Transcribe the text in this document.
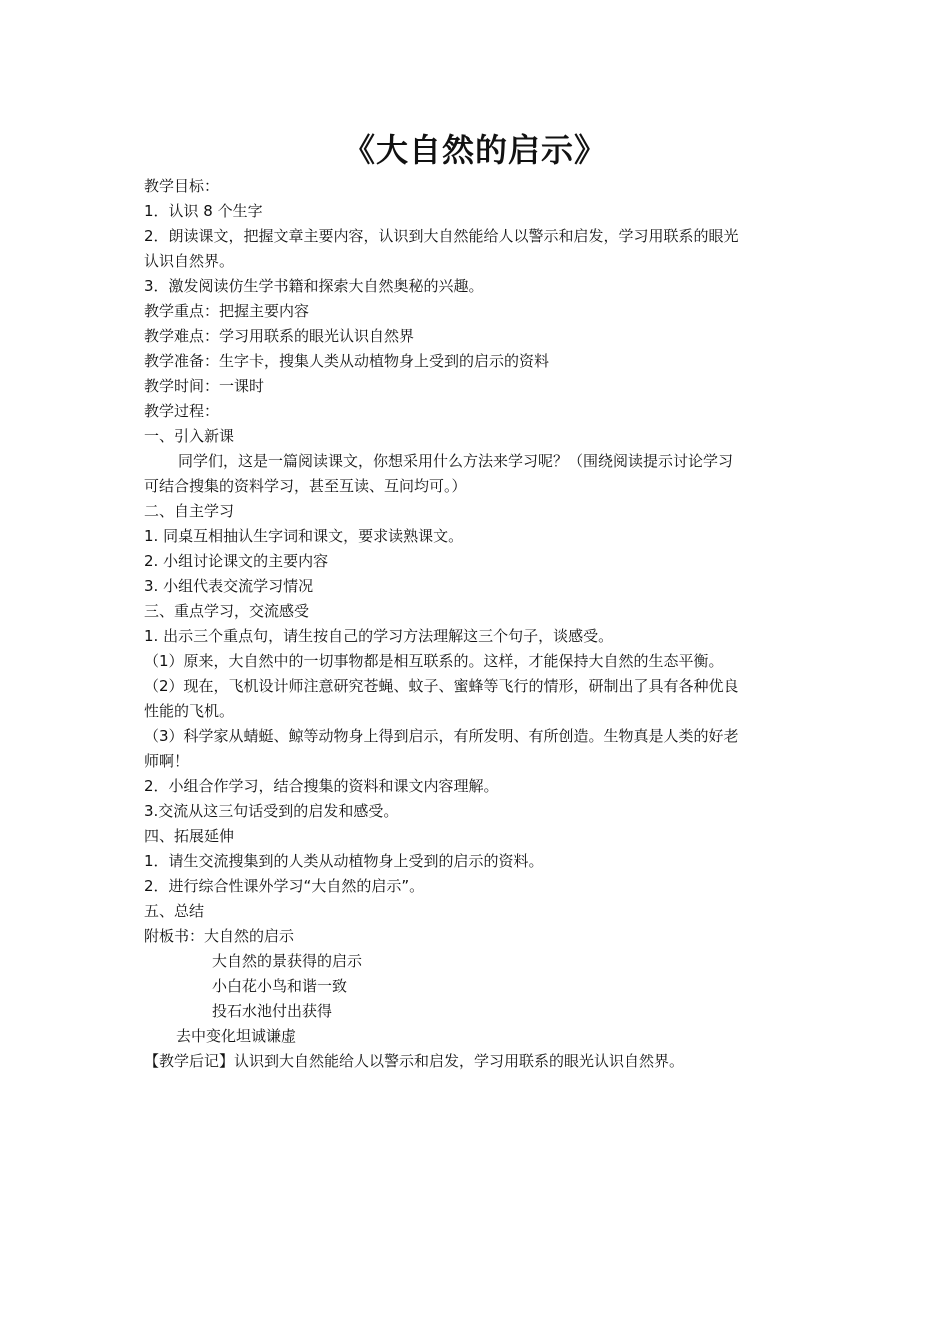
《大自然的启示》
教学目标：
1．认识 8 个生字
2．朗读课文，把握文章主要内容，认识到大自然能给人以警示和启发，学习用联系的眼光
认识自然界。
3．激发阅读仿生学书籍和探索大自然奥秘的兴趣。
教学重点：把握主要内容
教学难点：学习用联系的眼光认识自然界
教学准备：生字卡，搜集人类从动植物身上受到的启示的资料
教学时间：一课时
教学过程：
一、引入新课
同学们，这是一篇阅读课文，你想采用什么方法来学习呢？（围绕阅读提示讨论学习
可结合搜集的资料学习，甚至互读、互问均可。）
二、自主学习
1. 同桌互相抽认生字词和课文，要求读熟课文。
2. 小组讨论课文的主要内容
3. 小组代表交流学习情况
三、重点学习，交流感受
1. 出示三个重点句，请生按自己的学习方法理解这三个句子，谈感受。
（1）原来，大自然中的一切事物都是相互联系的。这样，才能保持大自然的生态平衡。
（2）现在，飞机设计师注意研究苍蝇、蚊子、蜜蜂等飞行的情形，研制出了具有各种优良
性能的飞机。
（3）科学家从蜻蜓、鲸等动物身上得到启示，有所发明、有所创造。生物真是人类的好老
师啊！
2．小组合作学习，结合搜集的资料和课文内容理解。
3.交流从这三句话受到的启发和感受。
四、拓展延伸
1．请生交流搜集到的人类从动植物身上受到的启示的资料。
2．进行综合性课外学习“大自然的启示”。
五、总结
附板书：大自然的启示
大自然的景获得的启示
小白花小鸟和谐一致
投石水池付出获得
去中变化坦诚谦虚
【教学后记】认识到大自然能给人以警示和启发，学习用联系的眼光认识自然界。
